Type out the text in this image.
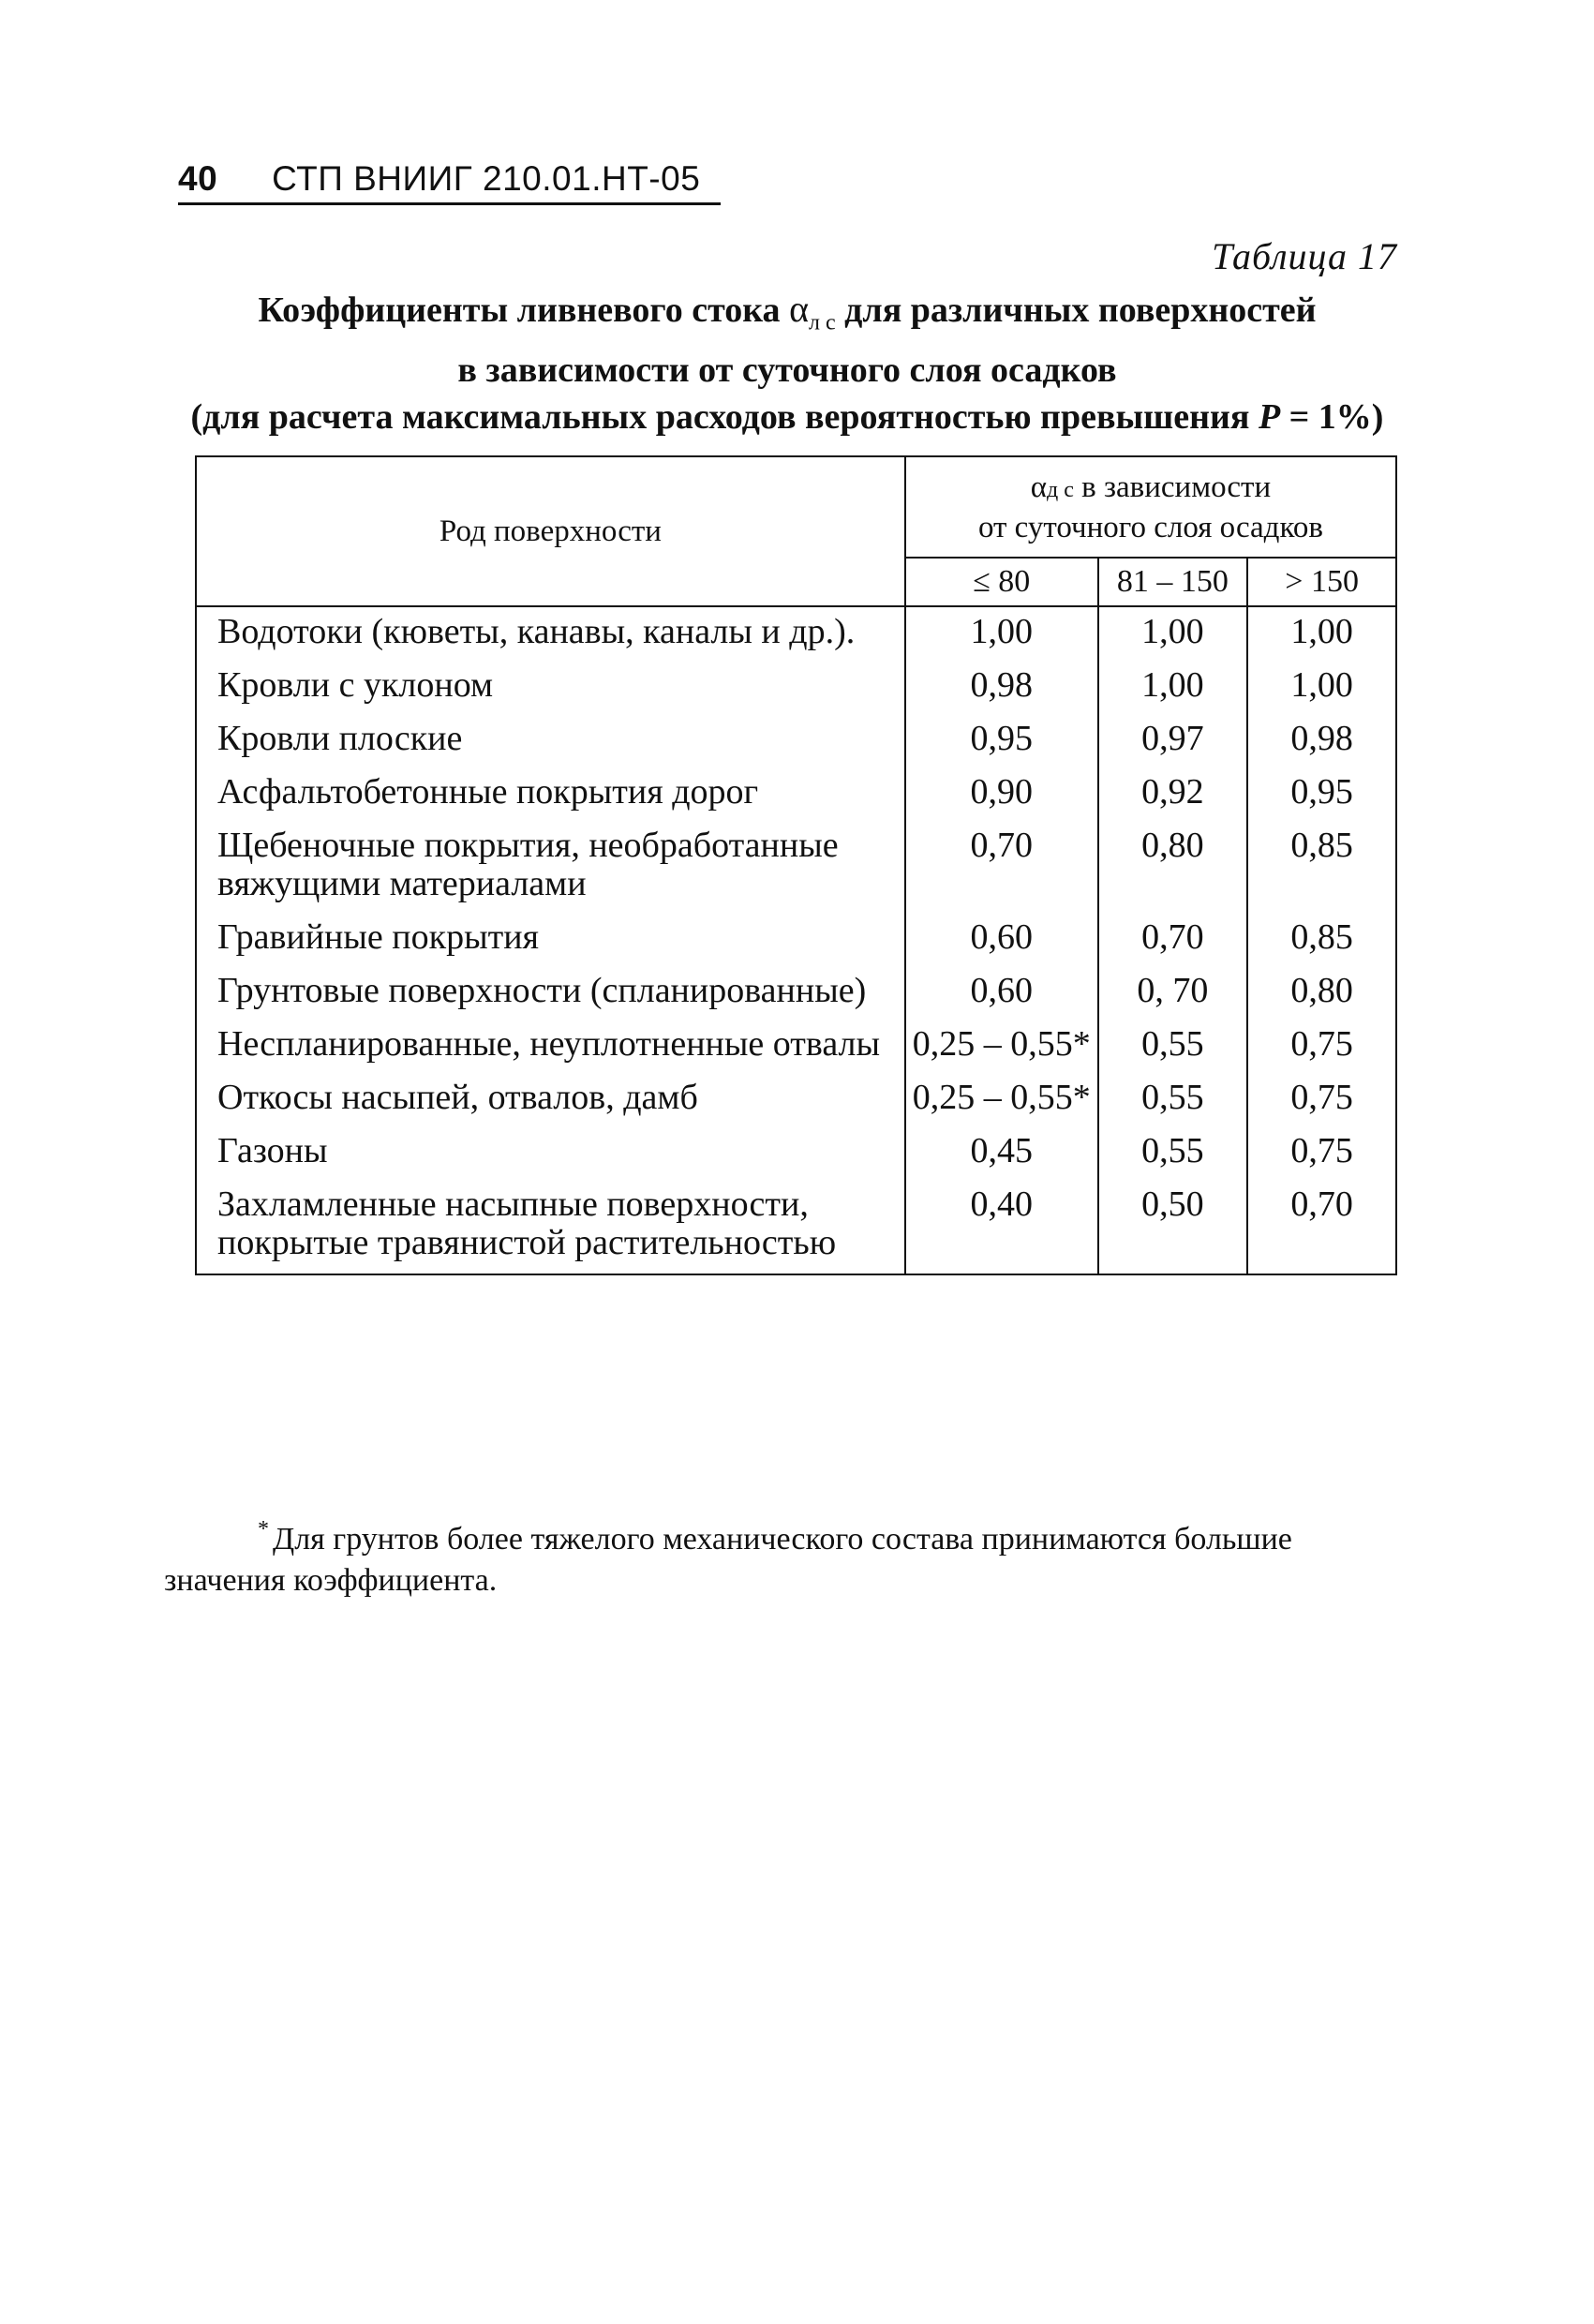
40 СТП ВНИИГ 210.01.НТ-05
Таблица 17
Коэффициенты ливневого стока $\alpha_{л с}$ для различных поверхностей
в зависимости от суточного слоя осадков
(для расчета максимальных расходов вероятностью превышения P = 1%)
Род поверхности	αд с в зависимости
от суточного слоя осадков		
	≤ 80	81 – 150	> 150
Водотоки (кюветы, канавы, каналы и др.).	1,00	1,00	1,00
Кровли с уклоном	0,98	1,00	1,00
Кровли плоские	0,95	0,97	0,98
Асфальтобетонные покрытия дорог	0,90	0,92	0,95
Щебеночные покрытия, необработанные вяжущими материалами	0,70	0,80	0,85
Гравийные покрытия	0,60	0,70	0,85
Грунтовые поверхности (спланированные)	0,60	0, 70	0,80
Неспланированные, неуплотненные отвалы	0,25 – 0,55*	0,55	0,75
Откосы насыпей, отвалов, дамб	0,25 – 0,55*	0,55	0,75
Газоны	0,45	0,55	0,75
Захламленные насыпные поверхности, покрытые травянистой растительностью	0,40	0,50	0,70
* Для грунтов более тяжелого механического состава принимаются большие значения коэффициента.
